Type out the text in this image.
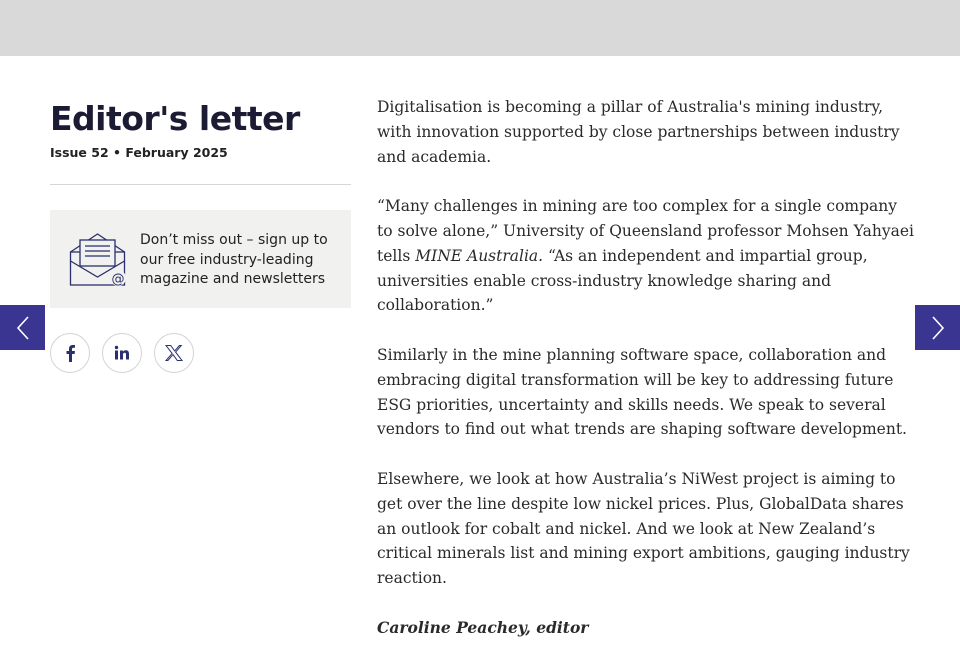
Editor's letter
Issue 52 • February 2025
@
Don’t miss out – sign up to our free industry-leading magazine and newsletters

Digitalisation is becoming a pillar of Australia's mining industry, with innovation supported by close partnerships between industry and academia.

“Many challenges in mining are too complex for a single company to solve alone,” University of Queensland professor Mohsen Yahyaei tells MINE Australia. “As an independent and impartial group, universities enable cross-industry knowledge sharing and collaboration.”

Similarly in the mine planning software space, collaboration and embracing digital transformation will be key to addressing future ESG priorities, uncertainty and skills needs. We speak to several vendors to find out what trends are shaping software development.

Elsewhere, we look at how Australia’s NiWest project is aiming to get over the line despite low nickel prices. Plus, GlobalData shares an outlook for cobalt and nickel. And we look at New Zealand’s critical minerals list and mining export ambitions, gauging industry reaction.

Caroline Peachey, editor
